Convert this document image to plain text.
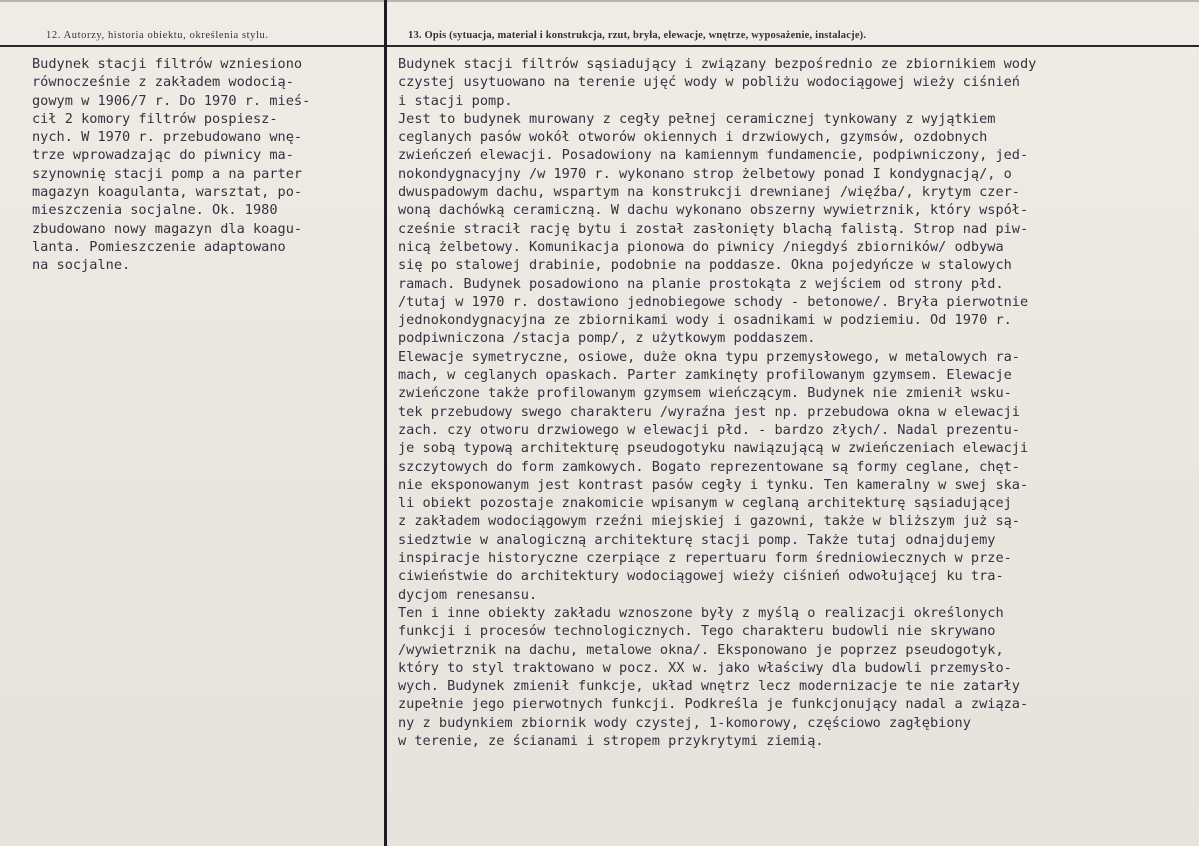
12. Autorzy, historia obiektu, określenia stylu.	13. Opis (sytuacja, materiał i konstrukcja, rzut, bryła, elewacje, wnętrze, wyposażenie, instalacje).
Budynek stacji filtrów wzniesiono
równocześnie z zakładem wodocią-
gowym w 1906/7 r. Do 1970 r. mieś-
cił 2 komory filtrów pospiesz-
nych. W 1970 r. przebudowano wnę-
trze wprowadzając do piwnicy ma-
szynownię stacji pomp a na parter
magazyn koagulanta, warsztat, po-
mieszczenia socjalne. Ok. 1980
zbudowano nowy magazyn dla koagu-
lanta. Pomieszczenie adaptowano
na socjalne.
Budynek stacji filtrów sąsiadujący i związany bezpośrednio ze zbiornikiem wody
czystej usytuowano na terenie ujęć wody w pobliżu wodociągowej wieży ciśnień
i stacji pomp.
Jest to budynek murowany z cegły pełnej ceramicznej tynkowany z wyjątkiem
ceglanych pasów wokół otworów okiennych i drzwiowych, gzymsów, ozdobnych
zwieńczeń elewacji. Posadowiony na kamiennym fundamencie, podpiwniczony, jed-
nokondygnacyjny /w 1970 r. wykonano strop żelbetowy ponad I kondygnacją/, o
dwuspadowym dachu, wspartym na konstrukcji drewnianej /więźba/, krytym czer-
woną dachówką ceramiczną. W dachu wykonano obszerny wywietrznik, który współ-
cześnie stracił rację bytu i został zasłonięty blachą falistą. Strop nad piw-
nicą żelbetowy. Komunikacja pionowa do piwnicy /niegdyś zbiorników/ odbywa
się po stalowej drabinie, podobnie na poddasze. Okna pojedyńcze w stalowych
ramach. Budynek posadowiono na planie prostokąta z wejściem od strony płd.
/tutaj w 1970 r. dostawiono jednobiegowe schody - betonowe/. Bryła pierwotnie
jednokondygnacyjna ze zbiornikami wody i osadnikami w podziemiu. Od 1970 r.
podpiwniczona /stacja pomp/, z użytkowym poddaszem.
Elewacje symetryczne, osiowe, duże okna typu przemysłowego, w metalowych ra-
mach, w ceglanych opaskach. Parter zamkinęty profilowanym gzymsem. Elewacje
zwieńczone także profilowanym gzymsem wieńczącym. Budynek nie zmienił wsku-
tek przebudowy swego charakteru /wyraźna jest np. przebudowa okna w elewacji
zach. czy otworu drzwiowego w elewacji płd. - bardzo złych/. Nadal prezentu-
je sobą typową architekturę pseudogotyku nawiązującą w zwieńczeniach elewacji
szczytowych do form zamkowych. Bogato reprezentowane są formy ceglane, chęt-
nie eksponowanym jest kontrast pasów cegły i tynku. Ten kameralny w swej ska-
li obiekt pozostaje znakomicie wpisanym w ceglaną architekturę sąsiadującej
z zakładem wodociągowym rzeźni miejskiej i gazowni, także w bliższym już są-
siedztwie w analogiczną architekturę stacji pomp. Także tutaj odnajdujemy
inspiracje historyczne czerpiące z repertuaru form średniowiecznych w prze-
ciwieństwie do architektury wodociągowej wieży ciśnień odwołującej ku tra-
dycjom renesansu.
Ten i inne obiekty zakładu wznoszone były z myślą o realizacji określonych
funkcji i procesów technologicznych. Tego charakteru budowli nie skrywano
/wywietrznik na dachu, metalowe okna/. Eksponowano je poprzez pseudogotyk,
który to styl traktowano w pocz. XX w. jako właściwy dla budowli przemysło-
wych. Budynek zmienił funkcje, układ wnętrz lecz modernizacje te nie zatarły
zupełnie jego pierwotnych funkcji. Podkreśla je funkcjonujący nadal a związa-
ny z budynkiem zbiornik wody czystej, 1-komorowy, częściowo zagłębiony
w terenie, ze ścianami i stropem przykrytymi ziemią.
